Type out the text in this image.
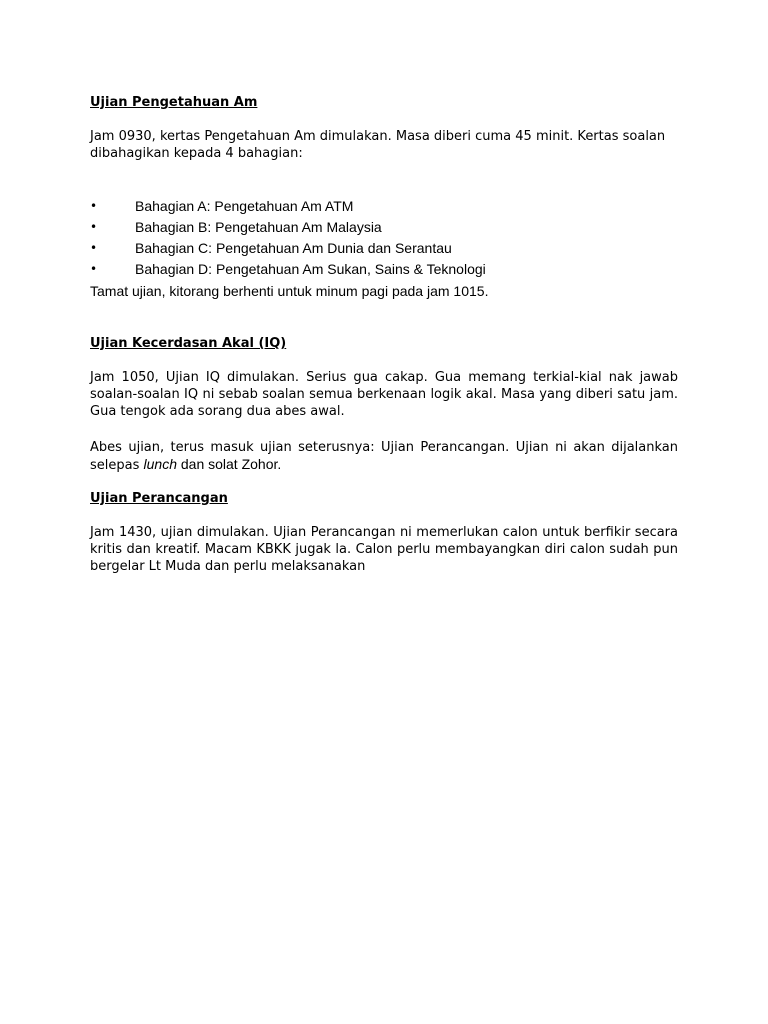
Ujian Pengetahuan Am
Jam 0930, kertas Pengetahuan Am dimulakan. Masa diberi cuma 45 minit. Kertas soalan dibahagikan kepada 4 bahagian:
•	Bahagian A: Pengetahuan Am ATM
•	Bahagian B: Pengetahuan Am Malaysia
•	Bahagian C: Pengetahuan Am Dunia dan Serantau
•	Bahagian D: Pengetahuan Am Sukan, Sains & Teknologi
Tamat ujian, kitorang berhenti untuk minum pagi pada jam 1015.
Ujian Kecerdasan Akal (IQ)
Jam 1050, Ujian IQ dimulakan. Serius gua cakap. Gua memang terkial-kial nak jawab soalan-soalan IQ ni sebab soalan semua berkenaan logik akal. Masa yang diberi satu jam. Gua tengok ada sorang dua abes awal.
Abes ujian, terus masuk ujian seterusnya: Ujian Perancangan. Ujian ni akan dijalankan selepas lunch dan solat Zohor.
Ujian Perancangan
Jam 1430, ujian dimulakan. Ujian Perancangan ni memerlukan calon untuk berfikir secara kritis dan kreatif. Macam KBKK jugak la. Calon perlu membayangkan diri calon sudah pun bergelar Lt Muda dan perlu melaksanakan
